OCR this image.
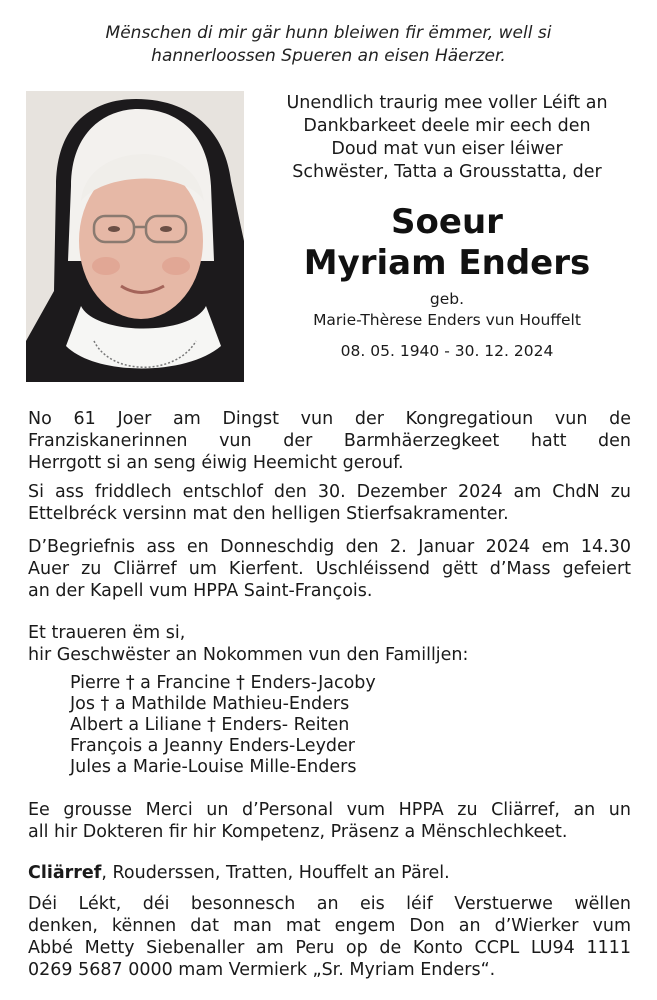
Mënschen di mir gär hunn bleiwen fir ëmmer, well si
hannerloossen Spueren an eisen Häerzer.
Unendlich traurig mee voller Léift an
Dankbarkeet deele mir eech den
Doud mat vun eiser léiwer
Schwëster, Tatta a Grousstatta, der
Soeur
Myriam Enders
geb.
Marie-Thèrese Enders vun Houffelt
08. 05. 1940 - 30. 12. 2024
No 61 Joer am Dingst vun der Kongregatioun vun de
Franziskanerinnen vun der Barmhäerzegkeet hatt den
Herrgott si an seng éiwig Heemicht gerouf.
Si ass friddlech entschlof den 30. Dezember 2024 am ChdN zu
Ettelbréck versinn mat den helligen Stierfsakramenter.
D’Begriefnis ass en Donneschdig den 2. Januar 2024 em 14.30
Auer zu Cliärref um Kierfent. Uschléissend gëtt d’Mass gefeiert
an der Kapell vum HPPA Saint-François.
Et traueren ëm si,
hir Geschwëster an Nokommen vun den Familljen:
Pierre † a Francine † Enders-Jacoby
Jos † a Mathilde Mathieu-Enders
Albert a Liliane † Enders- Reiten
François a Jeanny Enders-Leyder
Jules a Marie-Louise Mille-Enders
Ee grousse Merci un d’Personal vum HPPA zu Cliärref, an un
all hir Dokteren fir hir Kompetenz, Präsenz a Mënschlechkeet.
Cliärref, Rouderssen, Tratten, Houffelt an Pärel.
Déi Lékt, déi besonnesch an eis léif Verstuerwe wëllen
denken, kënnen dat man mat engem Don an d’Wierker vum
Abbé Metty Siebenaller am Peru op de Konto CCPL LU94 1111
0269 5687 0000 mam Vermierk „Sr. Myriam Enders“.
